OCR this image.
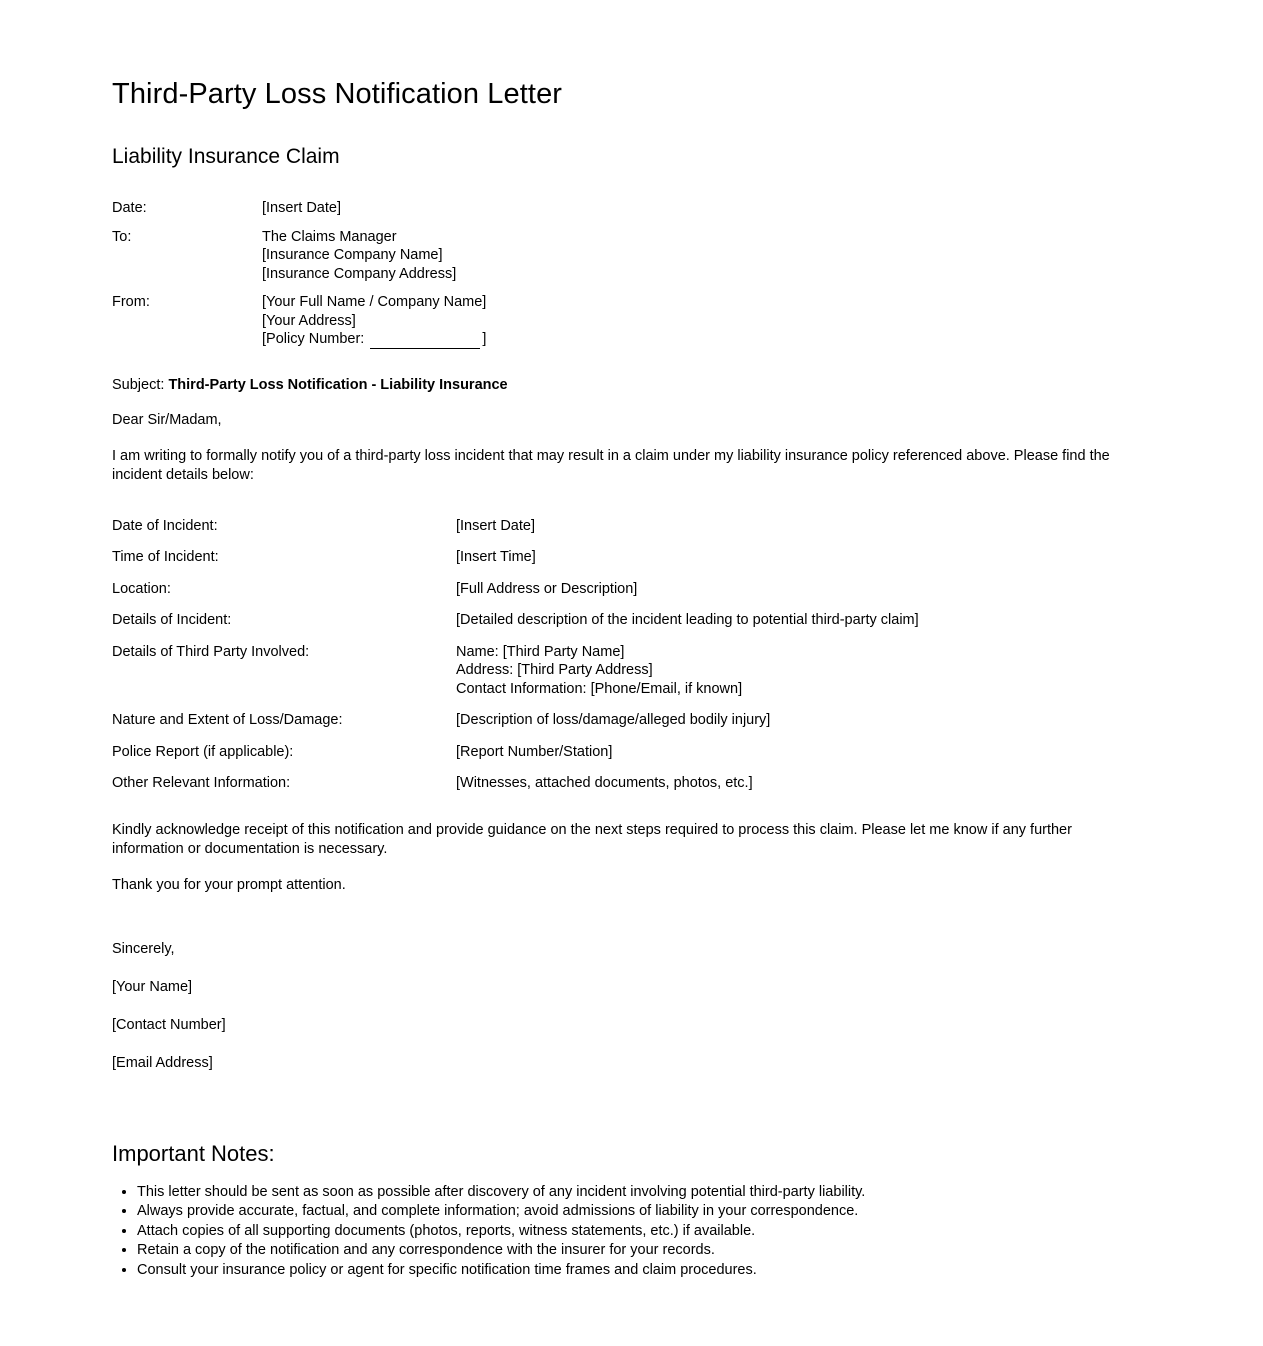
Third-Party Loss Notification Letter
Liability Insurance Claim
Date:	[Insert Date]
To:	The Claims Manager
[Insurance Company Name]
[Insurance Company Address]
From:	[Your Full Name / Company Name]
[Your Address]
[Policy Number:	]
Subject: Third-Party Loss Notification - Liability Insurance
Dear Sir/Madam,
I am writing to formally notify you of a third-party loss incident that may result in a claim under my liability insurance policy referenced above. Please find the incident details below:
Date of Incident:	[Insert Date]
Time of Incident:	[Insert Time]
Location:	[Full Address or Description]
Details of Incident:	[Detailed description of the incident leading to potential third-party claim]
Details of Third Party Involved:	Name: [Third Party Name]
Address: [Third Party Address]
Contact Information: [Phone/Email, if known]
Nature and Extent of Loss/Damage:	[Description of loss/damage/alleged bodily injury]
Police Report (if applicable):	[Report Number/Station]
Other Relevant Information:	[Witnesses, attached documents, photos, etc.]
Kindly acknowledge receipt of this notification and provide guidance on the next steps required to process this claim. Please let me know if any further information or documentation is necessary.
Thank you for your prompt attention.
Sincerely,
[Your Name]
[Contact Number]
[Email Address]
Important Notes:
• This letter should be sent as soon as possible after discovery of any incident involving potential third-party liability.
• Always provide accurate, factual, and complete information; avoid admissions of liability in your correspondence.
• Attach copies of all supporting documents (photos, reports, witness statements, etc.) if available.
• Retain a copy of the notification and any correspondence with the insurer for your records.
• Consult your insurance policy or agent for specific notification time frames and claim procedures.
